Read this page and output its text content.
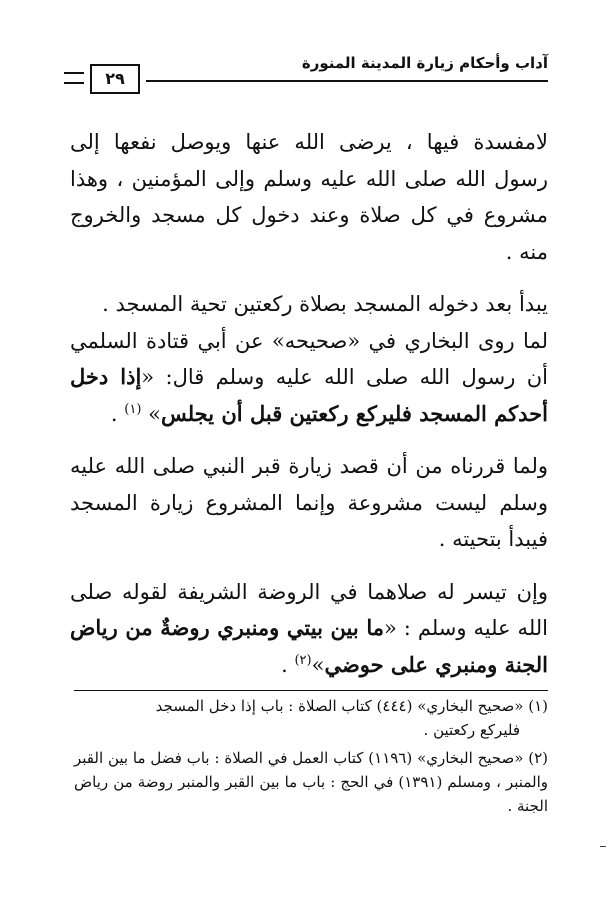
٢٩
آداب وأحكام زيارة المدينة المنورة

لامفسدة فيها ، يرضى الله عنها ويوصل نفعها إلى رسول الله صلى الله عليه وسلم وإلى المؤمنين ، وهذا مشروع في كل صلاة وعند دخول كل مسجد والخروج منه .

يبدأ بعد دخوله المسجد بصلاة ركعتين تحية المسجد .

لما روى البخاري في «صحيحه» عن أبي قتادة السلمي أن رسول الله صلى الله عليه وسلم قال: «إذا دخل أحدكم المسجد فليركع ركعتين قبل أن يجلس» $^{(١)}$ .

ولما قررناه من أن قصد زيارة قبر النبي صلى الله عليه وسلم ليست مشروعة وإنما المشروع زيارة المسجد فيبدأ بتحيته .

وإن تيسر له صلاهما في الروضة الشريفة لقوله صلى الله عليه وسلم : «ما بين بيتي ومنبري روضةٌ من رياض الجنة ومنبري على حوضي»$^{(٢)}$ .

(١) «صحيح البخاري» (٤٤٤) كتاب الصلاة : باب إذا دخل المسجد
فليركع ركعتين .

(٢) «صحيح البخاري» (١١٩٦) كتاب العمل في الصلاة : باب فضل ما بين القبر والمنبر ، ومسلم (١٣٩١) في الحج : باب ما بين القبر والمنبر روضة من رياض الجنة .
